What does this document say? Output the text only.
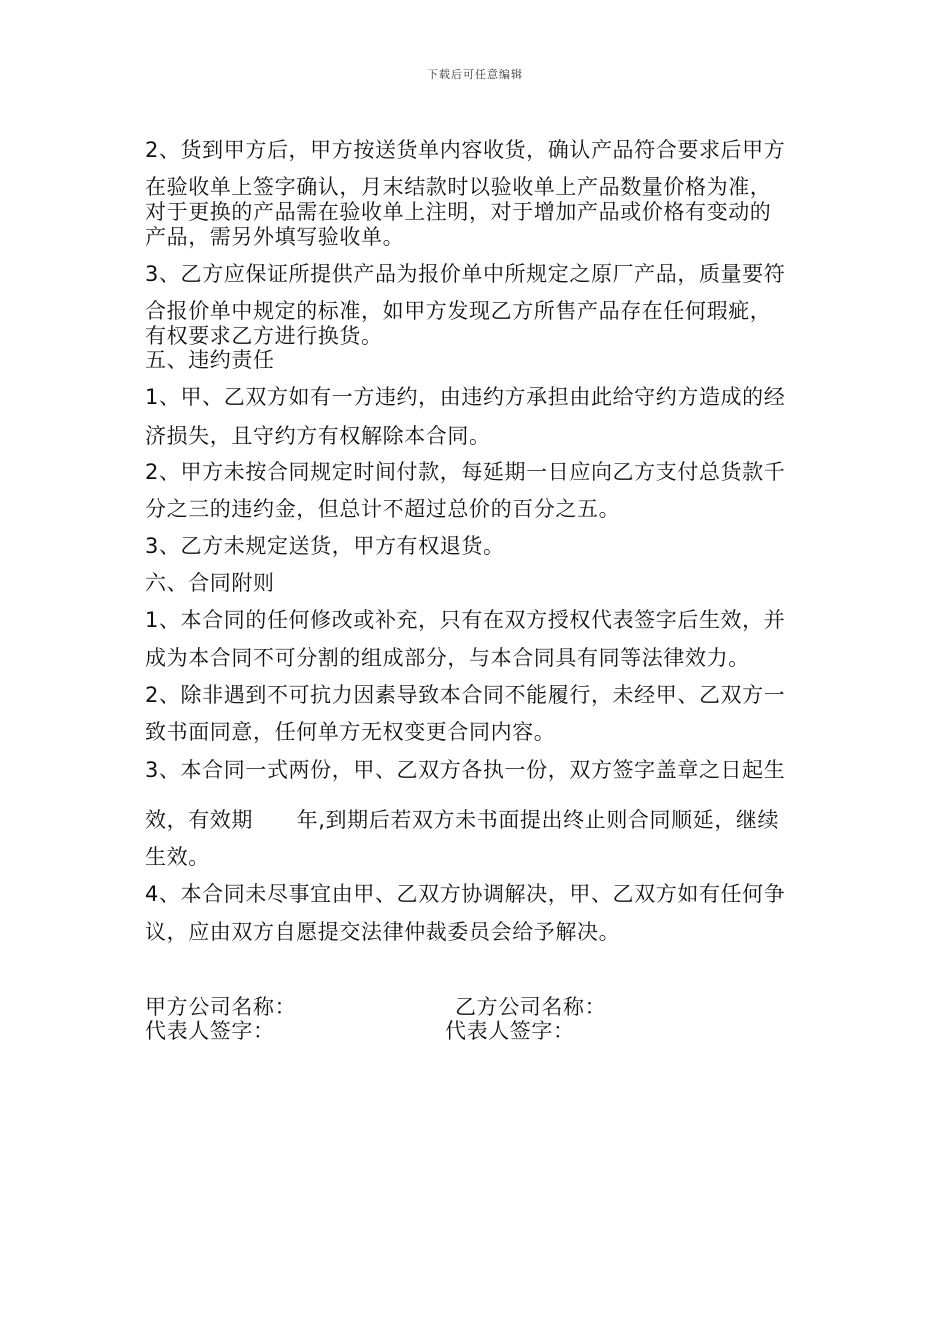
下载后可任意编辑
2、货到甲方后，甲方按送货单内容收货，确认产品符合要求后甲方
在验收单上签字确认，月末结款时以验收单上产品数量价格为准，
对于更换的产品需在验收单上注明，对于增加产品或价格有变动的
产品，需另外填写验收单。
3、乙方应保证所提供产品为报价单中所规定之原厂产品，质量要符
合报价单中规定的标准，如甲方发现乙方所售产品存在任何瑕疵，
有权要求乙方进行换货。
五、违约责任
1、甲、乙双方如有一方违约，由违约方承担由此给守约方造成的经
济损失，且守约方有权解除本合同。
2、甲方未按合同规定时间付款，每延期一日应向乙方支付总货款千
分之三的违约金，但总计不超过总价的百分之五。
3、乙方未规定送货，甲方有权退货。
六、合同附则
1、本合同的任何修改或补充，只有在双方授权代表签字后生效，并
成为本合同不可分割的组成部分，与本合同具有同等法律效力。
2、除非遇到不可抗力因素导致本合同不能履行，未经甲、乙双方一
致书面同意，任何单方无权变更合同内容。
3、本合同一式两份，甲、乙双方各执一份，双方签字盖章之日起生
效，有效期      年,到期后若双方未书面提出终止则合同顺延，继续
生效。
4、本合同未尽事宜由甲、乙双方协调解决，甲、乙双方如有任何争
议，应由双方自愿提交法律仲裁委员会给予解决。
甲方公司名称：	乙方公司名称：
代表人签字：	代表人签字：
